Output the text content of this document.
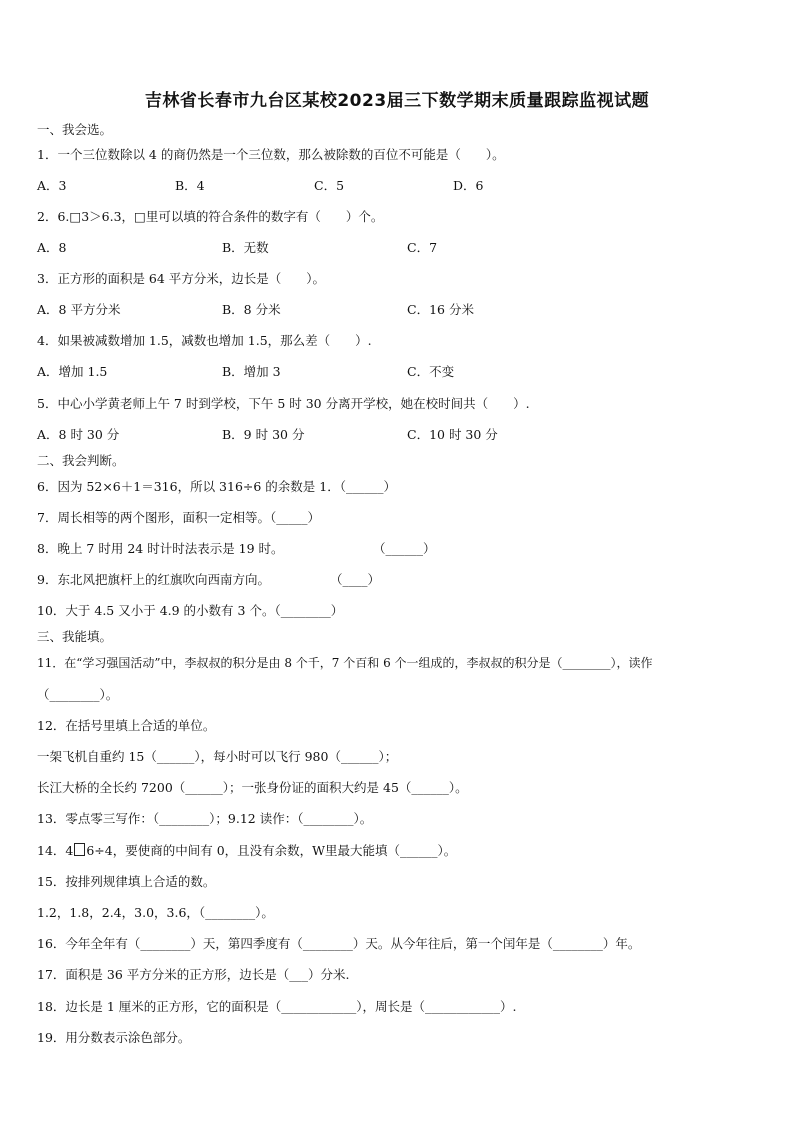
吉林省长春市九台区某校2023届三下数学期末质量跟踪监视试题
一、我会选。
1．一个三位数除以 4 的商仍然是一个三位数，那么被除数的百位不可能是（　　）。
A．3	B．4	C．5	D．6
2．6.□3＞6.3，□里可以填的符合条件的数字有（　　）个。
A．8	B．无数	C．7
3．正方形的面积是 64 平方分米，边长是（　　）。
A．8 平方分米	B．8 分米	C．16 分米
4．如果被减数增加 1.5，减数也增加 1.5，那么差（　　）.
A．增加 1.5	B．增加 3	C．不变
5．中心小学黄老师上午 7 时到学校，下午 5 时 30 分离开学校，她在校时间共（　　）.
A．8 时 30 分	B．9 时 30 分	C．10 时 30 分
二、我会判断。
6．因为 52×6＋1＝316，所以 316÷6 的余数是 1．（______）
7．周长相等的两个图形，面积一定相等。（_____）
8．晚上 7 时用 24 时计时法表示是 19 时。	（______）
9．东北风把旗杆上的红旗吹向西南方向。	（____）
10．大于 4.5 又小于 4.9 的小数有 3 个。（________）
三、我能填。
11．在“学习强国活动”中，李叔叔的积分是由 8 个千，7 个百和 6 个一组成的，李叔叔的积分是（________），读作
（________）。
12．在括号里填上合适的单位。
一架飞机自重约 15（______），每小时可以飞行 980（______）；
长江大桥的全长约 7200（______）；一张身份证的面积大约是 45（______）。
13．零点零三写作：（________）；9.12 读作：（________）。
14．4 6÷4，要使商的中间有 0，且没有余数，W里最大能填（______）。
15．按排列规律填上合适的数。
1.2，1.8，2.4，3.0，3.6，（________）。
16．今年全年有（________）天，第四季度有（________）天。从今年往后，第一个闰年是（________）年。
17．面积是 36 平方分米的正方形，边长是（___）分米.
18．边长是 1 厘米的正方形，它的面积是（____________），周长是（____________）.
19．用分数表示涂色部分。
